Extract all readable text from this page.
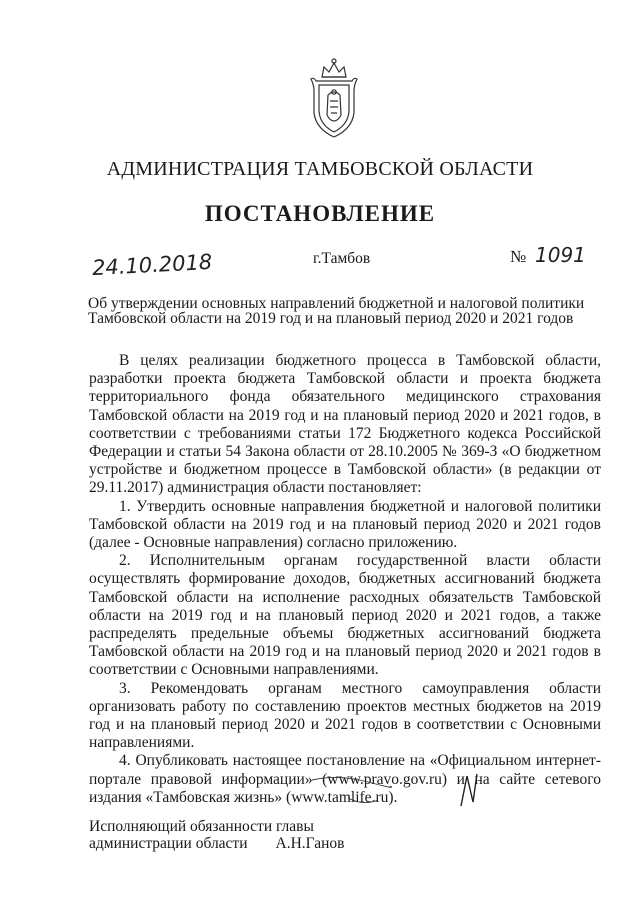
АДМИНИСТРАЦИЯ ТАМБОВСКОЙ ОБЛАСТИ
ПОСТАНОВЛЕНИЕ
24.10.2018	г.Тамбов	№ 1091
Об утверждении основных направлений бюджетной и налоговой политики
Тамбовской области на 2019 год и на плановый период 2020 и 2021 годов

В целях реализации бюджетного процесса в Тамбовской области, разработки проекта бюджета Тамбовской области и проекта бюджета территориального фонда обязательного медицинского страхования Тамбовской области на 2019 год и на плановый период 2020 и 2021 годов, в соответствии с требованиями статьи 172 Бюджетного кодекса Российской Федерации и статьи 54 Закона области от 28.10.2005 № 369-З «О бюджетном устройстве и бюджетном процессе в Тамбовской области» (в редакции от 29.11.2017) администрация области постановляет:

1. Утвердить основные направления бюджетной и налоговой политики Тамбовской области на 2019 год и на плановый период 2020 и 2021 годов (далее - Основные направления) согласно приложению.

2. Исполнительным органам государственной власти области осуществлять формирование доходов, бюджетных ассигнований бюджета Тамбовской области на исполнение расходных обязательств Тамбовской области на 2019 год и на плановый период 2020 и 2021 годов, а также распределять предельные объемы бюджетных ассигнований бюджета Тамбовской области на 2019 год и на плановый период 2020 и 2021 годов в соответствии с Основными направлениями.

3. Рекомендовать органам местного самоуправления области организовать работу по составлению проектов местных бюджетов на 2019 год и на плановый период 2020 и 2021 годов в соответствии с Основными направлениями.

4. Опубликовать настоящее постановление на «Официальном интернет-портале правовой информации» (www.pravo.gov.ru) и на сайте сетевого издания «Тамбовская жизнь» (www.tamlife.ru).

Исполняющий обязанности главы
администрации области А.Н.Ганов
